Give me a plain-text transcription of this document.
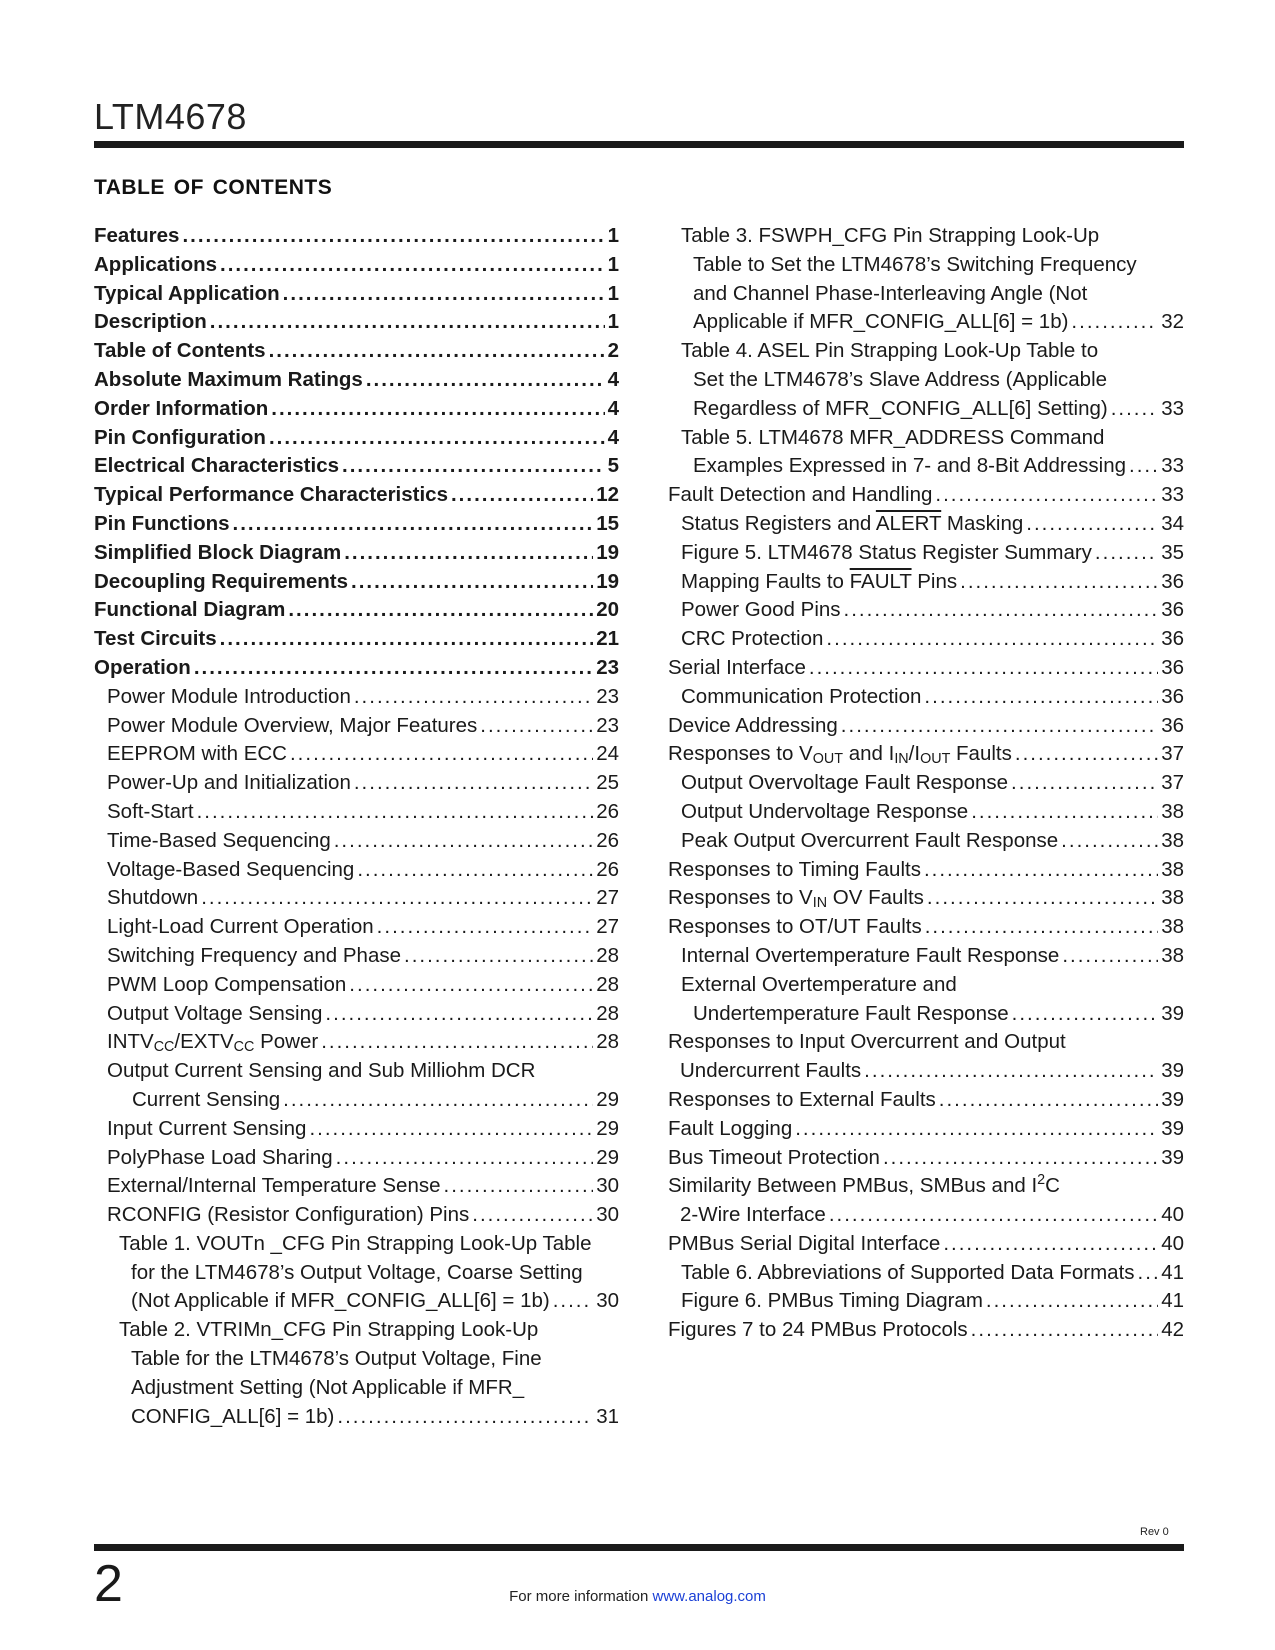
LTM4678
table of contents
Features .....	1
Applications .....	1
Typical Application .....	1
Description .....	1
Table of Contents .....	2
Absolute Maximum Ratings .....	4
Order Information .....	4
Pin Configuration .....	4
Electrical Characteristics .....	5
Typical Performance Characteristics .....	12
Pin Functions .....	15
Simplified Block Diagram .....	19
Decoupling Requirements .....	19
Functional Diagram .....	20
Test Circuits .....	21
Operation .....	23
Power Module Introduction .....	23
Power Module Overview, Major Features .....	23
EEPROM with ECC .....	24
Power-Up and Initialization .....	25
Soft-Start .....	26
Time-Based Sequencing .....	26
Voltage-Based Sequencing .....	26
Shutdown .....	27
Light-Load Current Operation .....	27
Switching Frequency and Phase .....	28
PWM Loop Compensation .....	28
Output Voltage Sensing .....	28
$INTV_{CC}/EXTV_{CC}$ Power .....	28
Output Current Sensing and Sub Milliohm DCR
Current Sensing .....	29
Input Current Sensing .....	29
PolyPhase Load Sharing .....	29
External/Internal Temperature Sense .....	30
RCONFIG (Resistor Configuration) Pins .....	30
Table 1. VOUTn _CFG Pin Strapping Look-Up Table
for the LTM4678’s Output Voltage, Coarse Setting
(Not Applicable if MFR_CONFIG_ALL[6] = 1b) ..... 30
Table 2. VTRIMn_CFG Pin Strapping Look-Up
Table for the LTM4678’s Output Voltage, Fine
Adjustment Setting (Not Applicable if MFR_
CONFIG_ALL[6] = 1b) .....	31
Table 3. FSWPH_CFG Pin Strapping Look-Up
Table to Set the LTM4678’s Switching Frequency
and Channel Phase-Interleaving Angle (Not
Applicable if MFR_CONFIG_ALL[6] = 1b) .....	32
Table 4. ASEL Pin Strapping Look-Up Table to
Set the LTM4678’s Slave Address (Applicable
Regardless of MFR_CONFIG_ALL[6] Setting) .....	33
Table 5. LTM4678 MFR_ADDRESS Command
Examples Expressed in 7- and 8-Bit Addressing ..... 33
Fault Detection and Handling .....	33
Status Registers and ALERT Masking .....	34
Figure 5. LTM4678 Status Register Summary .....	35
Mapping Faults to FAULT Pins .....	36
Power Good Pins .....	36
CRC Protection .....	36
Serial Interface .....	36
Communication Protection .....	36
Device Addressing .....	36
Responses to $V_{OUT}$ and $I_{IN}/I_{OUT}$ Faults .....	37
Output Overvoltage Fault Response .....	37
Output Undervoltage Response .....	38
Peak Output Overcurrent Fault Response .....	38
Responses to Timing Faults .....	38
Responses to $V_{IN}$ OV Faults .....	38
Responses to OT/UT Faults .....	38
Internal Overtemperature Fault Response .....	38
External Overtemperature and
Undertemperature Fault Response .....	39
Responses to Input Overcurrent and Output
Undercurrent Faults .....	39
Responses to External Faults .....	39
Fault Logging .....	39
Bus Timeout Protection .....	39
Similarity Between PMBus, SMBus and $I^2C$
2-Wire Interface .....	40
PMBus Serial Digital Interface .....	40
Table 6. Abbreviations of Supported Data Formats ..... 41
Figure 6. PMBus Timing Diagram .....	41
Figures 7 to 24 PMBus Protocols .....	42
Rev 0
2	For more information www.analog.com
